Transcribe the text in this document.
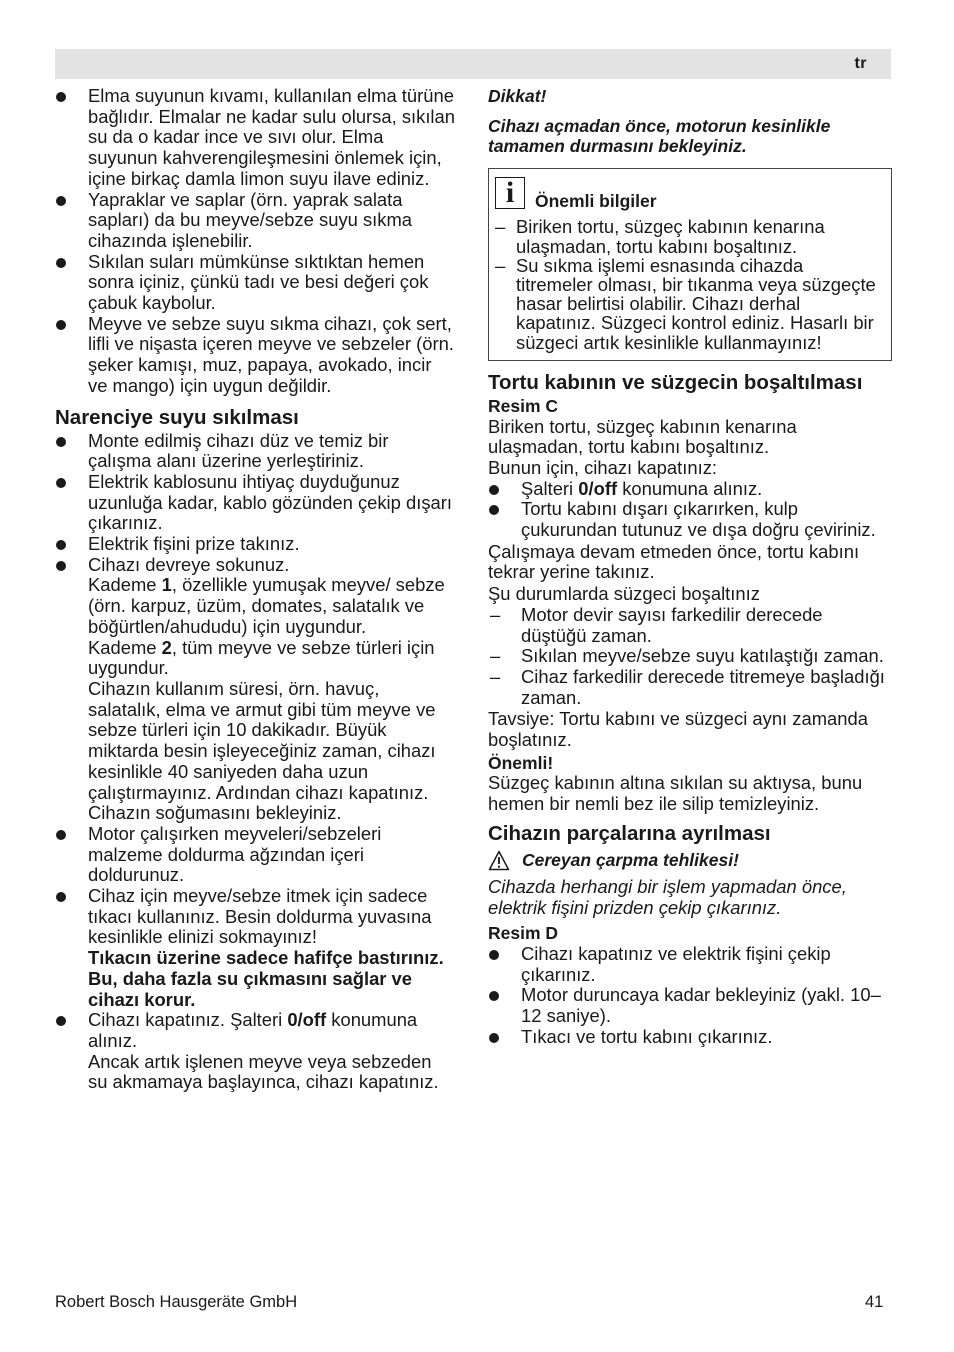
tr
Elma suyunun kıvamı, kullanılan elma türüne bağlıdır. Elmalar ne kadar sulu olursa, sıkılan su da o kadar ince ve sıvı olur. Elma suyunun kahverengileşmesini önlemek için, içine birkaç damla limon suyu ilave ediniz.
Yapraklar ve saplar (örn. yaprak salata sapları) da bu meyve/sebze suyu sıkma cihazında işlenebilir.
Sıkılan suları mümkünse sıktıktan hemen sonra içiniz, çünkü tadı ve besi değeri çok çabuk kaybolur.
Meyve ve sebze suyu sıkma cihazı, çok sert, lifli ve nişasta içeren meyve ve sebzeler (örn. şeker kamışı, muz, papaya, avokado, incir ve mango) için uygun değildir.
Narenciye suyu sıkılması
Monte edilmiş cihazı düz ve temiz bir çalışma alanı üzerine yerleştiriniz.
Elektrik kablosunu ihtiyaç duyduğunuz uzunluğa kadar, kablo gözünden çekip dışarı çıkarınız.
Elektrik fişini prize takınız.

Cihazı devreye sokunuz.

Kademe 1, özellikle yumuşak meyve/ sebze (örn. karpuz, üzüm, domates, salatalık ve böğürtlen/ahududu) için uygundur.

Kademe 2, tüm meyve ve sebze türleri için uygundur.

Cihazın kullanım süresi, örn. havuç, salatalık, elma ve armut gibi tüm meyve ve sebze türleri için 10 dakikadır. Büyük miktarda besin işleyeceğiniz zaman, cihazı kesinlikle 40 saniyeden daha uzun çalıştırmayınız. Ardından cihazı kapatınız. Cihazın soğumasını bekleyiniz.

Motor çalışırken meyveleri/sebzeleri malzeme doldurma ağzından içeri doldurunuz.

Cihaz için meyve/sebze itmek için sadece tıkacı kullanınız. Besin doldurma yuvasına kesinlikle elinizi sokmayınız!

Tıkacın üzerine sadece hafifçe bastırınız. Bu, daha fazla su çıkmasını sağlar ve cihazı korur.

Cihazı kapatınız. Şalteri 0/off konumuna alınız.

Ancak artık işlenen meyve veya sebzeden su akmamaya başlayınca, cihazı kapatınız.

Dikkat!

Cihazı açmadan önce, motorun kesinlikle tamamen durmasını bekleyiniz.

i	Önemli bilgiler
– Biriken tortu, süzgeç kabının kenarına ulaşmadan, tortu kabını boşaltınız.
– Su sıkma işlemi esnasında cihazda titremeler olması, bir tıkanma veya süzgeçte hasar belirtisi olabilir. Cihazı derhal kapatınız. Süzgeci kontrol ediniz. Hasarlı bir süzgeci artık kesinlikle kullanmayınız!
Tortu kabının ve süzgecin boşaltılması

Resim C

Biriken tortu, süzgeç kabının kenarına ulaşmadan, tortu kabını boşaltınız.

Bunun için, cihazı kapatınız:

Şalteri 0/off konumuna alınız.
Tortu kabını dışarı çıkarırken, kulp çukurundan tutunuz ve dışa doğru çeviriniz.

Çalışmaya devam etmeden önce, tortu kabını tekrar yerine takınız.

Şu durumlarda süzgeci boşaltınız

– Motor devir sayısı farkedilir derecede düştüğü zaman.
– Sıkılan meyve/sebze suyu katılaştığı zaman.
– Cihaz farkedilir derecede titremeye başladığı zaman.

Tavsiye: Tortu kabını ve süzgeci aynı zamanda boşlatınız.

Önemli!

Süzgeç kabının altına sıkılan su aktıysa, bunu hemen bir nemli bez ile silip temizleyiniz.

Cihazın parçalarına ayrılması
Cereyan çarpma tehlikesi!

Cihazda herhangi bir işlem yapmadan önce, elektrik fişini prizden çekip çıkarınız.

Resim D

Cihazı kapatınız ve elektrik fişini çekip çıkarınız.
Motor duruncaya kadar bekleyiniz (yakl. 10–12 saniye).
Tıkacı ve tortu kabını çıkarınız.
Robert Bosch Hausgeräte GmbH	41
